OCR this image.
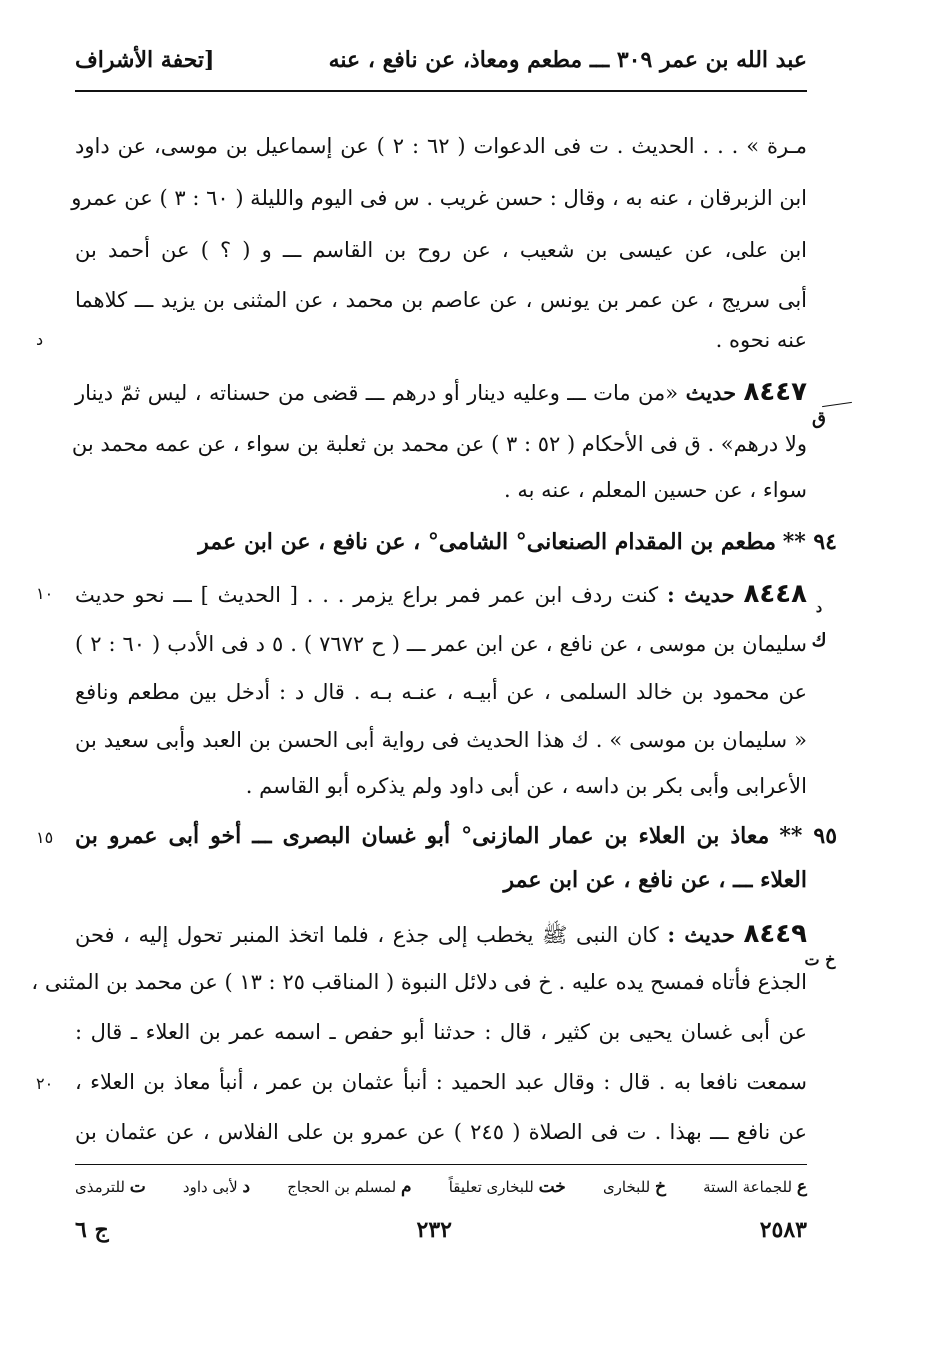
عبد الله بن عمر ٣٠٩ ـــ مطعم ومعاذ، عن نافع ، عنه
[تحفة الأشراف
مـرة » . . . الحديث . ت فى الدعوات ( ٦٢ : ٢ ) عن إسماعيل بن موسى، عن داود
ابن الزبرقان ، عنه به ، وقال : حسن غريب . س فى اليوم والليلة ( ٦٠ : ٣ ) عن عمرو
ابن على، عن عيسى بن شعيب ، عن روح بن القاسم ـــ و ( ؟ ) عن أحمد بن
أبى سريج ، عن عمر بن يونس ، عن عاصم بن محمد ، عن المثنى بن يزيد ـــ كلاهما
عنه نحوه .
٨٤٤٧ حديث «من مات ـــ وعليه دينار أو درهم ـــ قضى من حسناته ، ليس ثمّ دينار
ولا درهم» . ق فى الأحكام ( ٥٢ : ٣ ) عن محمد بن ثعلبة بن سواء ، عن عمه محمد بن
سواء ، عن حسين المعلم ، عنه به .
٩٤ ** مطعم بن المقدام الصنعانى° الشامى° ، عن نافع ، عن ابن عمر
٨٤٤٨ حديث : كنت ردف ابن عمر فمر براع يزمر . . . [ الحديث ] ـــ نحو حديث
سليمان بن موسى ، عن نافع ، عن ابن عمر ـــ ( ح ٧٦٧٢ ) . ٥ د فى الأدب ( ٦٠ : ٢ )
عن محمود بن خالد السلمى ، عن أبيـه ، عنـه بـه . قال د : أدخل بين مطعم ونافع
« سليمان بن موسى » . ك هذا الحديث فى رواية أبى الحسن بن العبد وأبى سعيد بن
الأعرابى وأبى بكر بن داسه ، عن أبى داود ولم يذكره أبو القاسم .
٩٥ ** معاذ بن العلاء بن عمار المازنى° أبو غسان البصرى ـــ أخو أبى عمرو بن
العلاء ـــ ، عن نافع ، عن ابن عمر
٨٤٤٩ حديث : كان النبى ﷺ يخطب إلى جذع ، فلما اتخذ المنبر تحول إليه ، فحن
الجذع فأتاه فمسح يده عليه . خ فى دلائل النبوة ( المناقب ٢٥ : ١٣ ) عن محمد بن المثنى ،
عن أبى غسان يحيى بن كثير ، قال : حدثنا أبو حفص ـ اسمه عمر بن العلاء ـ قال :
سمعت نافعا به . قال : وقال عبد الحميد : أنبأ عثمان بن عمر ، أنبأ معاذ بن العلاء ،
عن نافع ـــ بهذا . ت فى الصلاة ( ٢٤٥ ) عن عمرو بن على الفلاس ، عن عثمان بن
د
ق
١٠
د
ك
١٥
خ ت
٢٠
ع للجماعة الستة
خ للبخارى
خت للبخارى تعليقاً
م لمسلم بن الحجاج
د لأبى داود
ت للترمذى
٢٥٨٣
٢٣٢
ج ٦
